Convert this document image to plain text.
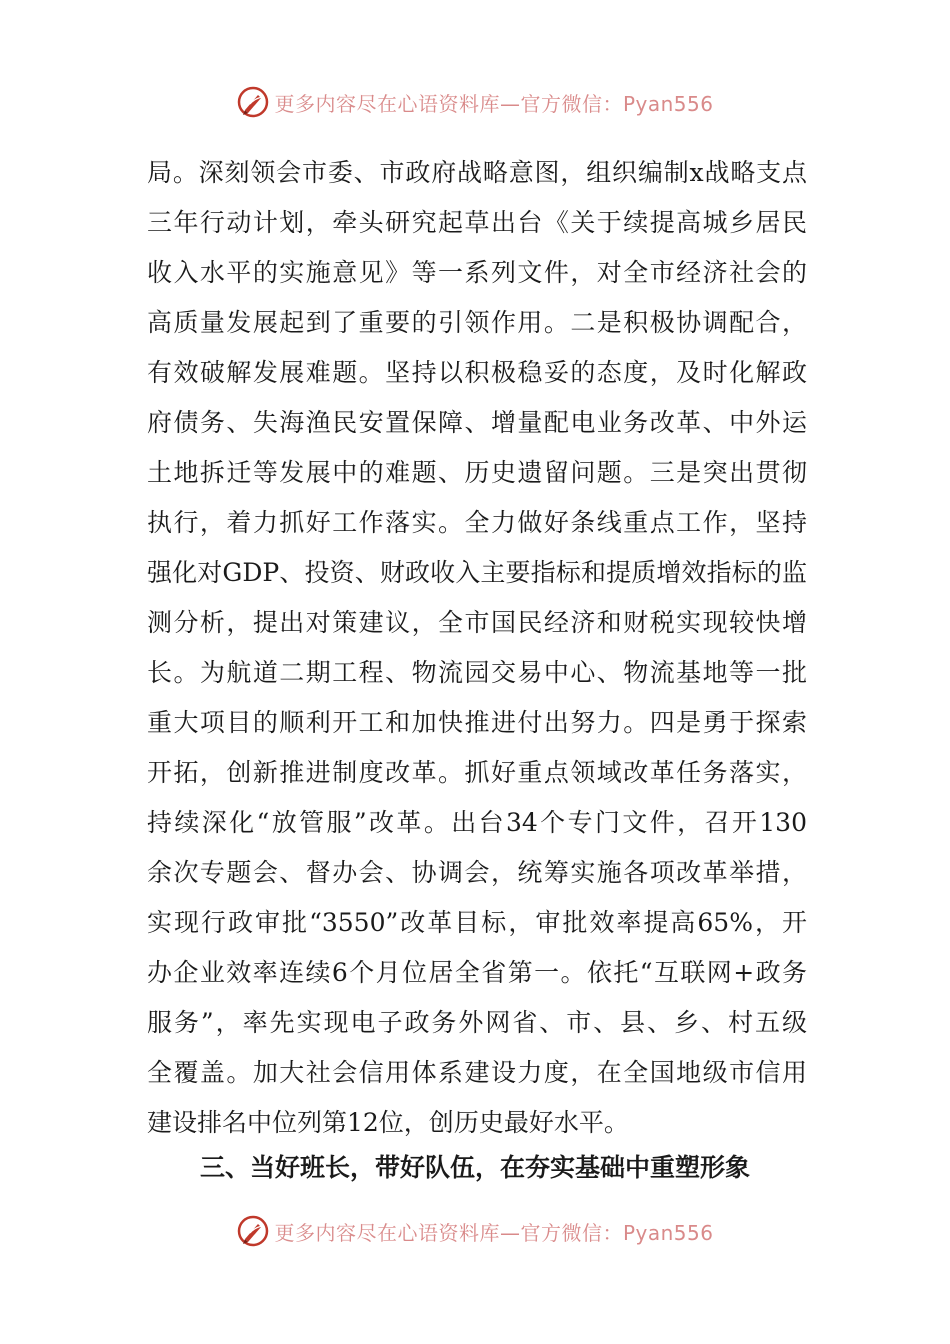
更多内容尽在心语资料库—官方微信：Pyan556
局。深刻领会市委、市政府战略意图，组织编制x战略支点
三年行动计划，牵头研究起草出台《关于续提高城乡居民
收入水平的实施意见》等一系列文件，对全市经济社会的
高质量发展起到了重要的引领作用。二是积极协调配合，
有效破解发展难题。坚持以积极稳妥的态度，及时化解政
府债务、失海渔民安置保障、增量配电业务改革、中外运
土地拆迁等发展中的难题、历史遗留问题。三是突出贯彻
执行，着力抓好工作落实。全力做好条线重点工作，坚持
强化对GDP、投资、财政收入主要指标和提质增效指标的监
测分析，提出对策建议，全市国民经济和财税实现较快增
长。为航道二期工程、物流园交易中心、物流基地等一批
重大项目的顺利开工和加快推进付出努力。四是勇于探索
开拓，创新推进制度改革。抓好重点领域改革任务落实，
持续深化“放管服”改革。出台34个专门文件，召开130
余次专题会、督办会、协调会，统筹实施各项改革举措，
实现行政审批“3550”改革目标，审批效率提高65%，开
办企业效率连续6个月位居全省第一。依托“互联网+政务
服务”，率先实现电子政务外网省、市、县、乡、村五级
全覆盖。加大社会信用体系建设力度，在全国地级市信用
建设排名中位列第12位，创历史最好水平。
三、当好班长，带好队伍，在夯实基础中重塑形象
更多内容尽在心语资料库—官方微信：Pyan556
